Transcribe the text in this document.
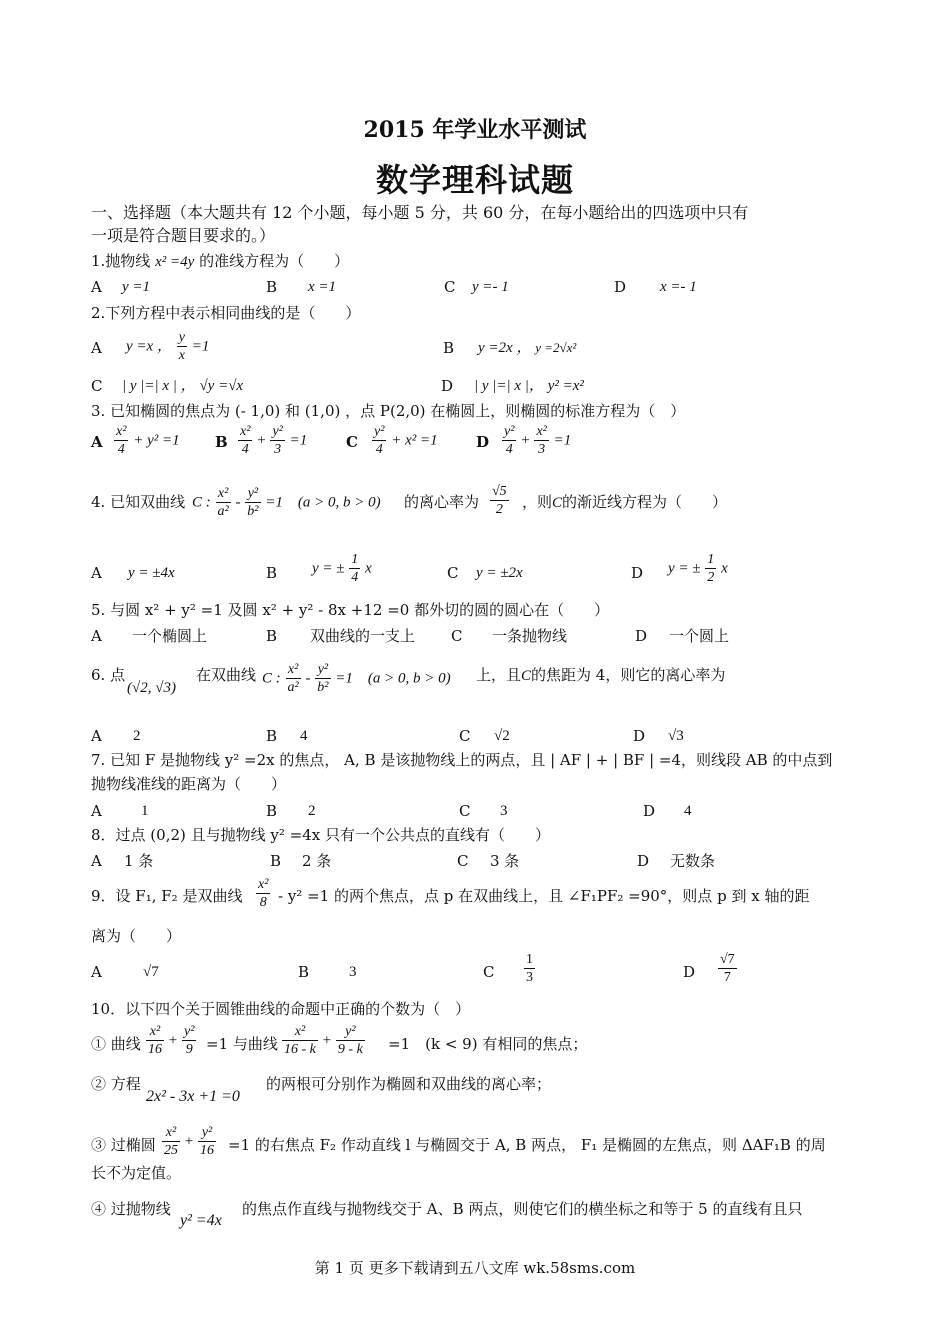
2015 年学业水平测试
数学理科试题
一、选择题（本大题共有 12 个小题，每小题 5 分，共 60 分，在每小题给出的四选项中只有
一项是符合题目要求的。）
1.抛物线 x² =4y 的准线方程为（　　）
A y =1	B x =1	C y =- 1	D x =- 1
2.下列方程中表示相同曲线的是（　　）
A y =x ， $\frac{y}{x} =1$	B y =2x ， y =2√x²
C | y |=| x | ， √y =√x	D | y |=| x |， y² =x²
3. 已知椭圆的焦点为 (- 1,0) 和 (1,0) ，点 P(2,0) 在椭圆上，则椭圆的标准方程为（　）
A $\frac{\text{x²}}{4} + y^2 =1$ B $\frac{\text{x²}}{4} + \frac{\text{y²}}{3} =1$	C $\frac{\text{y²}}{4} + x^2 =1$	D $\frac{\text{y²}}{4} + \frac{\text{x²}}{3} =1$
4. 已知双曲线 C : $\frac{\text{x²}}{\text{a²}} - \frac{\text{y²}}{\text{b²}} =1$　(a > 0, b > 0) 的离心率为 $\frac{√5}{2}$ ，则C的渐近线方程为（　　）
A y = ±4x	B y = ± $\frac{1}{4}$ x	C y = ±2x	D y = ± $\frac{1}{2}$ x
5. 与圆 x² + y² =1 及圆 x² + y² - 8x +12 =0 都外切的圆的圆心在（　　）
A 一个椭圆上	B 双曲线的一支上 C 一条抛物线	D 一个圆上
6. 点
(√2, √3)
在双曲线 C : $\frac{\text{x²}}{\text{a²}} - \frac{\text{y²}}{\text{b²}} =1$　(a > 0, b > 0) 上，且C的焦距为 4，则它的离心率为
A 2	B 4	C √2	D √3
7. 已知 F 是抛物线 y² =2x 的焦点， A, B 是该抛物线上的两点，且 | AF | + | BF | =4，则线段 AB 的中点到
抛物线准线的距离为（　　）
A	1	B 2	C 3	D 4
8．过点 (0,2) 且与抛物线 y² =4x 只有一个公共点的直线有（　　）
A 1 条	B 2 条	C 3 条	D 无数条
9．设 F₁, F₂ 是双曲线 $\frac{\text{x²}}{8} - y^2 =1$ 的两个焦点，点 p 在双曲线上，且 ∠F₁PF₂ =90°，则点 p 到 x 轴的距
离为（　　）
A	√7	B	3	C $\frac{1}{3}$	D $\frac{√7}{7}$
10．以下四个关于圆锥曲线的命题中正确的个数为（　）
① 曲线 $\frac{\text{x²}}{16} + \frac{\text{y²}}{9} =1$ 与曲线 $\frac{\text{x²}}{16 - k} + \frac{\text{y²}}{9 - k} =1$　(k < 9) 有相同的焦点；
② 方程
2x² - 3x +1 =0
的两根可分别作为椭圆和双曲线的离心率；
③ 过椭圆 $\frac{\text{x²}}{25} + \frac{\text{y²}}{16} =1$ 的右焦点 F₂ 作动直线 l 与椭圆交于 A, B 两点， F₁ 是椭圆的左焦点，则 ΔAF₁B 的周
长不为定值。
④ 过抛物线
y² =4x
的焦点作直线与抛物线交于 A、B 两点，则使它们的横坐标之和等于 5 的直线有且只
第 1 页 更多下载请到五八文库 wk.58sms.com
